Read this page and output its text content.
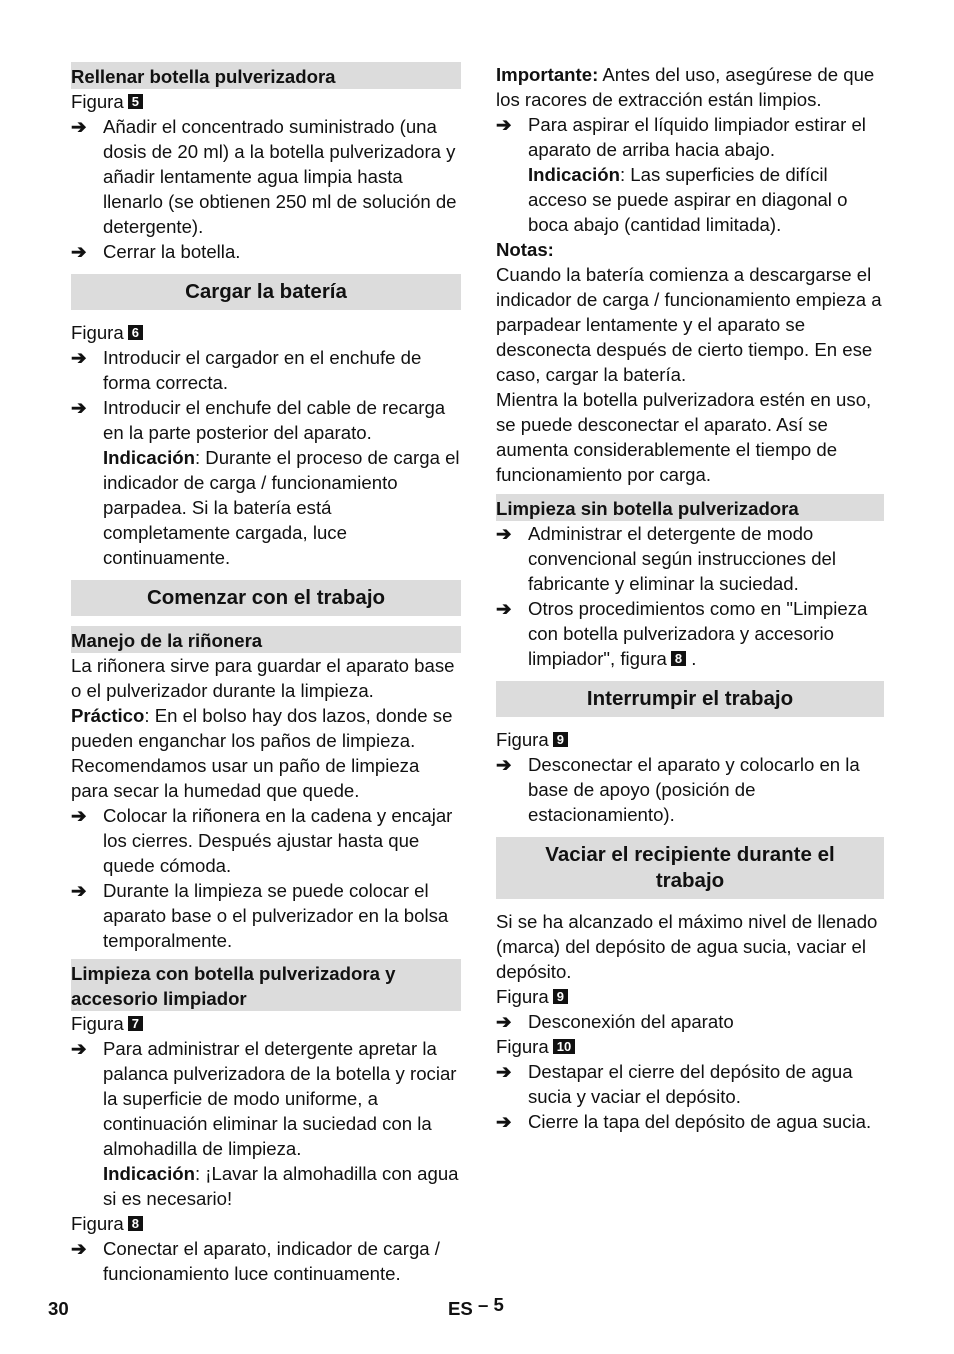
Rellenar botella pulverizadora

Figura 5

➔ Añadir el concentrado suministrado (una dosis de 20 ml) a la botella pulverizadora y añadir lentamente agua limpia hasta llenarlo (se obtienen 250 ml de solución de detergente).
➔ Cerrar la botella.
Cargar la batería

Figura 6

➔ Introducir el cargador en el enchufe de forma correcta.
➔ Introducir el enchufe del cable de recarga en la parte posterior del aparato.
Indicación: Durante el proceso de carga el indicador de carga / funcionamiento parpadea. Si la batería está completamente cargada, luce continuamente.
Comenzar con el trabajo
Manejo de la riñonera

La riñonera sirve para guardar el aparato base o el pulverizador durante la limpieza.

Práctico: En el bolso hay dos lazos, donde se pueden enganchar los paños de limpieza. Recomendamos usar un paño de limpieza para secar la humedad que quede.

➔ Colocar la riñonera en la cadena y encajar los cierres. Después ajustar hasta que quede cómoda.
➔ Durante la limpieza se puede colocar el aparato base o el pulverizador en la bolsa temporalmente.
Limpieza con botella pulverizadora y accesorio limpiador

Figura 7

➔ Para administrar el detergente apretar la palanca pulverizadora de la botella y rociar la superficie de modo uniforme, a continuación eliminar la suciedad con la almohadilla de limpieza.
Indicación: ¡Lavar la almohadilla con agua si es necesario!

Figura 8

➔ Conectar el aparato, indicador de carga / funcionamiento luce continuamente.

Importante: Antes del uso, asegúrese de que los racores de extracción están limpios.

➔ Para aspirar el líquido limpiador estirar el aparato de arriba hacia abajo.
Indicación: Las superficies de difícil acceso se puede aspirar en diagonal o boca abajo (cantidad limitada).

Notas:

Cuando la batería comienza a descargarse el indicador de carga / funcionamiento empieza a parpadear lentamente y el aparato se desconecta después de cierto tiempo. En ese caso, cargar la batería.

Mientra la botella pulverizadora estén en uso, se puede desconectar el aparato. Así se aumenta considerablemente el tiempo de funcionamiento por carga.

Limpieza sin botella pulverizadora
➔ Administrar el detergente de modo convencional según instrucciones del fabricante y eliminar la suciedad.
➔ Otros procedimientos como en "Limpieza con botella pulverizadora y accesorio limpiador", figura 8 .
Interrumpir el trabajo

Figura 9

➔ Desconectar el aparato y colocarlo en la base de apoyo (posición de estacionamiento).
Vaciar el recipiente durante el trabajo

Si se ha alcanzado el máximo nivel de llenado (marca) del depósito de agua sucia, vaciar el depósito.

Figura 9

➔ Desconexión del aparato

Figura 10

➔ Destapar el cierre del depósito de agua sucia y vaciar el depósito.
➔ Cierre la tapa del depósito de agua sucia.
30	ES – 5
